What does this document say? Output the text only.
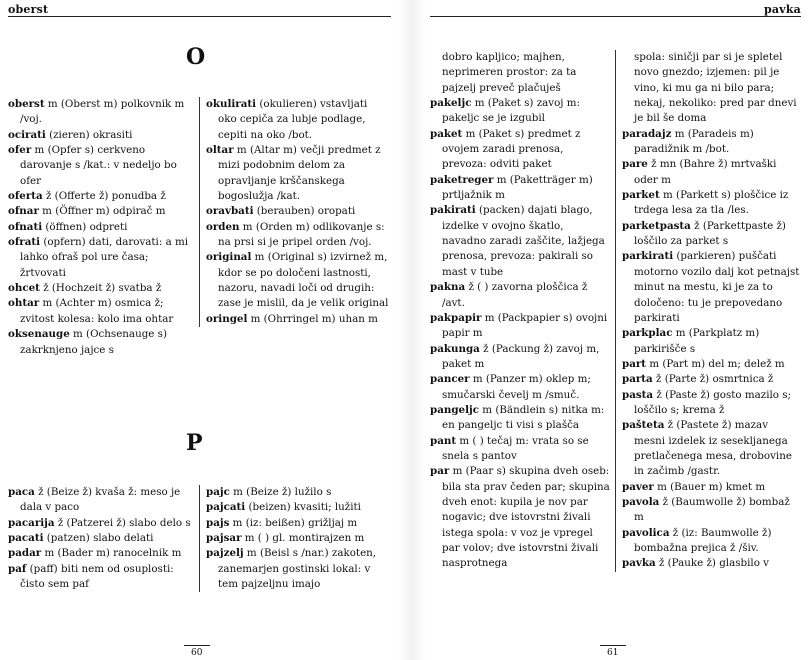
oberst
O

oberst m (Oberst m) polkovnik m /voj.

ocirati (zieren) okrasiti

ofer m (Opfer s) cerkveno darovanje s /kat.: v nedeljo bo ofer

oferta ž (Offerte ž) ponudba ž

ofnar m (Öffner m) odpirač m

ofnati (öffnen) odpreti

ofrati (opfern) dati, darovati: a mi lahko ofraš pol ure časa; žrtvovati

ohcet ž (Hochzeit ž) svatba ž

ohtar m (Achter m) osmica ž; zvitost kolesa: kolo ima ohtar

oksenauge m (Ochsenauge s) zakrknjeno jajce s

okulirati (okulieren) vstavljati oko cepiča za lubje podlage, cepiti na oko /bot.

oltar m (Altar m) večji predmet z mizi podobnim delom za opravljanje krščanskega bogoslužja /kat.

oravbati (berauben) oropati

orden m (Orden m) odlikovanje s: na prsi si je pripel orden /voj.

original m (Original s) izvirnež m, kdor se po določeni lastnosti, nazoru, navadi loči od drugih: zase je mislil, da je velik original

oringel m (Ohrringel m) uhan m

P

paca ž (Beize ž) kvaša ž: meso je dala v paco

pacarija ž (Patzerei ž) slabo delo s

pacati (patzen) slabo delati

padar m (Bader m) ranocelnik m

paf (paff) biti nem od osuplosti: čisto sem paf

pajc m (Beize ž) lužilo s

pajcati (beizen) kvasiti; lužiti

pajs m (iz: beißen) grižljaj m

pajsar m ( ) gl. montirajzen m

pajzelj m (Beisl s /nar.) zakoten, zanemarjen gostinski lokal: v tem pajzeljnu imajo

60
pavka

dobro kapljico; majhen, neprimeren prostor: za ta pajzelj preveč plačuješ

pakeljc m (Paket s) zavoj m: pakeljc se je izgubil

paket m (Paket s) predmet z ovojem zaradi prenosa, prevoza: odviti paket

paketreger m (Paketträger m) prtljažnik m

pakirati (packen) dajati blago, izdelke v ovojno škatlo, navadno zaradi zaščite, lažjega prenosa, prevoza: pakirali so mast v tube

pakna ž ( ) zavorna ploščica ž /avt.

pakpapir m (Packpapier s) ovojni papir m

pakunga ž (Packung ž) zavoj m, paket m

pancer m (Panzer m) oklep m; smučarski čevelj m /smuč.

pangeljc m (Bändlein s) nitka m: en pangeljc ti visi s plašča

pant m ( ) tečaj m: vrata so se snela s pantov

par m (Paar s) skupina dveh oseb: bila sta prav čeden par; skupina dveh enot: kupila je nov par nogavic; dve istovrstni živali istega spola: v voz je vpregel par volov; dve istovrstni živali nasprotnega

spola: siničji par si je spletel novo gnezdo; izjemen: pil je vino, ki mu ga ni bilo para; nekaj, nekoliko: pred par dnevi je bil še doma

paradajz m (Paradeis m) paradižnik m /bot.

pare ž mn (Bahre ž) mrtvaški oder m

parket m (Parkett s) ploščice iz trdega lesa za tla /les.

parketpasta ž (Parkettpaste ž) loščilo za parket s

parkirati (parkieren) puščati motorno vozilo dalj kot petnajst minut na mestu, ki je za to določeno: tu je prepovedano parkirati

parkplac m (Parkplatz m) parkirišče s

part m (Part m) del m; delež m

parta ž (Parte ž) osmrtnica ž

pasta ž (Paste ž) gosto mazilo s; loščilo s; krema ž

pašteta ž (Pastete ž) mazav mesni izdelek iz sesekljanega pretlačenega mesa, drobovine in začimb /gastr.

paver m (Bauer m) kmet m

pavola ž (Baumwolle ž) bombaž m

pavolica ž (iz: Baumwolle ž) bombažna prejica ž /šiv.

pavka ž (Pauke ž) glasbilo v

61
